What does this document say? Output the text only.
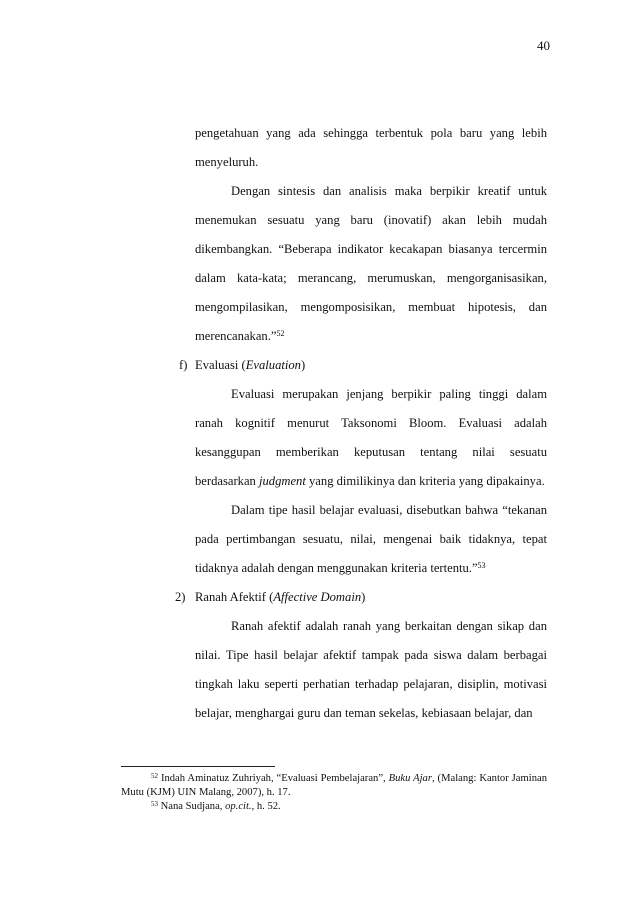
40

pengetahuan yang ada sehingga terbentuk pola baru yang lebih menyeluruh.

Dengan sintesis dan analisis maka berpikir kreatif untuk menemukan sesuatu yang baru (inovatif) akan lebih mudah dikembangkan. “Beberapa indikator kecakapan biasanya tercermin dalam kata-kata; merancang, merumuskan, mengorganisasikan, mengompilasikan, mengomposisikan, membuat hipotesis, dan merencanakan.”$^{52}$

f) Evaluasi (Evaluation)

Evaluasi merupakan jenjang berpikir paling tinggi dalam ranah kognitif menurut Taksonomi Bloom. Evaluasi adalah kesanggupan memberikan keputusan tentang nilai sesuatu berdasarkan judgment yang dimilikinya dan kriteria yang dipakainya.

Dalam tipe hasil belajar evaluasi, disebutkan bahwa “tekanan pada pertimbangan sesuatu, nilai, mengenai baik tidaknya, tepat tidaknya adalah dengan menggunakan kriteria tertentu.”$^{53}$

2) Ranah Afektif (Affective Domain)

Ranah afektif adalah ranah yang berkaitan dengan sikap dan nilai. Tipe hasil belajar afektif tampak pada siswa dalam berbagai tingkah laku seperti perhatian terhadap pelajaran, disiplin, motivasi belajar, menghargai guru dan teman sekelas, kebiasaan belajar, dan

$^{52}$ Indah Aminatuz Zuhriyah, “Evaluasi Pembelajaran”, Buku Ajar, (Malang: Kantor Jaminan Mutu (KJM) UIN Malang, 2007), h. 17.

$^{53}$ Nana Sudjana, op.cit., h. 52.
